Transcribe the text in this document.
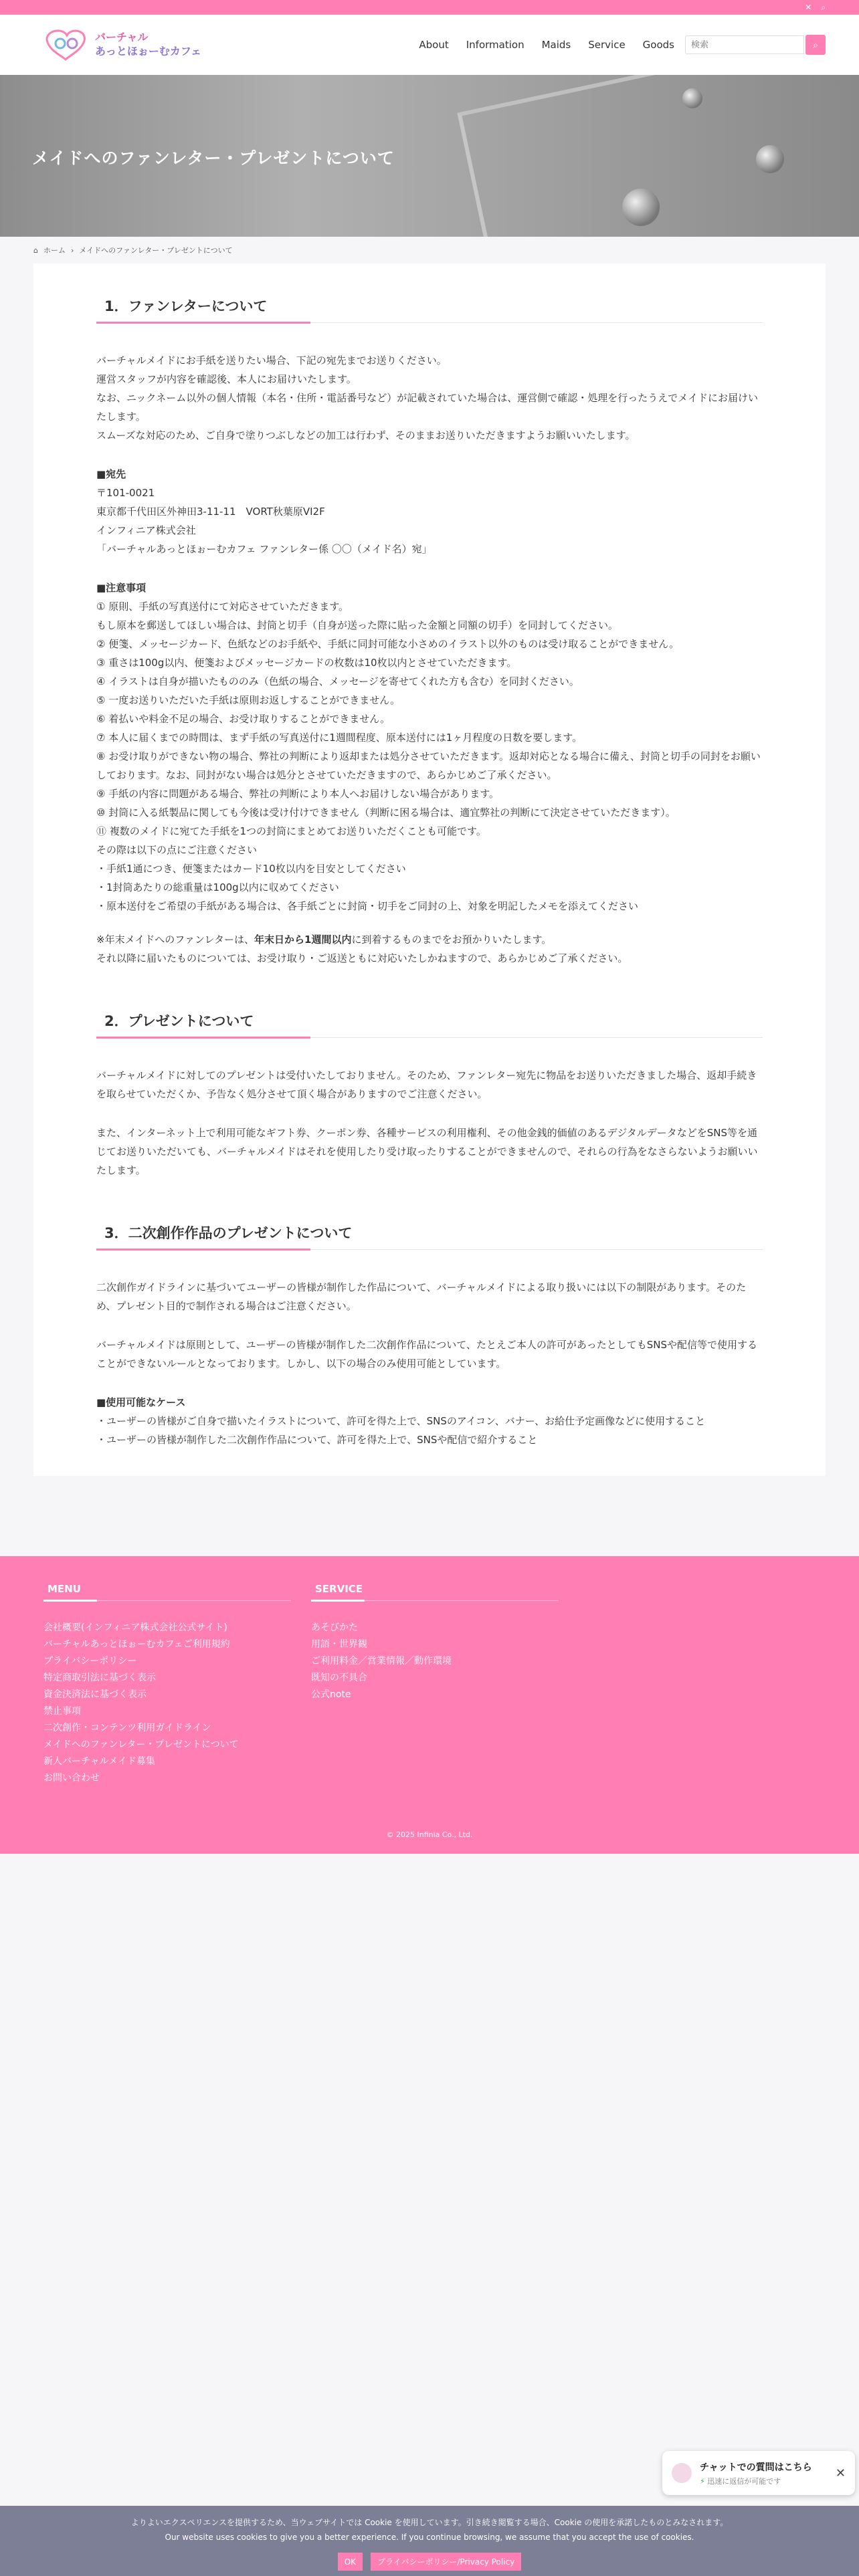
✕ ⌕
バーチャル
あっとほぉーむカフェ	About Information Maids Service Goods
検索	⌕
メイドへのファンレター・プレゼントについて
⌂ ホーム › メイドへのファンレター・プレゼントについて
1．ファンレターについて

バーチャルメイドにお手紙を送りたい場合、下記の宛先までお送りください。

運営スタッフが内容を確認後、本人にお届けいたします。

なお、ニックネーム以外の個人情報（本名・住所・電話番号など）が記載されていた場合は、運営側で確認・処理を行ったうえでメイドにお届けいたします。

スムーズな対応のため、ご自身で塗りつぶしなどの加工は行わず、そのままお送りいただきますようお願いいたします。

■宛先

〒101-0021

東京都千代田区外神田3-11-11　VORT秋葉原VI2F

インフィニア株式会社

「バーチャルあっとほぉーむカフェ ファンレター係 〇〇（メイド名）宛」

■注意事項

① 原則、手紙の写真送付にて対応させていただきます。

もし原本を郵送してほしい場合は、封筒と切手（自身が送った際に貼った金額と同額の切手）を同封してください。

② 便箋、メッセージカード、色紙などのお手紙や、手紙に同封可能な小さめのイラスト以外のものは受け取ることができません。

③ 重さは100g以内、便箋およびメッセージカードの枚数は10枚以内とさせていただきます。

④ イラストは自身が描いたもののみ（色紙の場合、メッセージを寄せてくれた方も含む）を同封ください。

⑤ 一度お送りいただいた手紙は原則お返しすることができません。

⑥ 着払いや料金不足の場合、お受け取りすることができません。

⑦ 本人に届くまでの時間は、まず手紙の写真送付に1週間程度、原本送付には1ヶ月程度の日数を要します。

⑧ お受け取りができない物の場合、弊社の判断により返却または処分させていただきます。返却対応となる場合に備え、封筒と切手の同封をお願いしております。なお、同封がない場合は処分とさせていただきますので、あらかじめご了承ください。

⑨ 手紙の内容に問題がある場合、弊社の判断により本人へお届けしない場合があります。

⑩ 封筒に入る紙製品に関しても今後は受け付けできません（判断に困る場合は、適宜弊社の判断にて決定させていただきます）。

⑪ 複数のメイドに宛てた手紙を1つの封筒にまとめてお送りいただくことも可能です。

その際は以下の点にご注意ください

・手紙1通につき、便箋またはカード10枚以内を目安としてください

・1封筒あたりの総重量は100g以内に収めてください

・原本送付をご希望の手紙がある場合は、各手紙ごとに封筒・切手をご同封の上、対象を明記したメモを添えてください

※年末メイドへのファンレターは、年末日から1週間以内に到着するものまでをお預かりいたします。

それ以降に届いたものについては、お受け取り・ご返送ともに対応いたしかねますので、あらかじめご了承ください。

2．プレゼントについて

バーチャルメイドに対してのプレゼントは受付いたしておりません。そのため、ファンレター宛先に物品をお送りいただきました場合、返却手続きを取らせていただくか、予告なく処分させて頂く場合がありますのでご注意ください。

また、インターネット上で利用可能なギフト券、クーポン券、各種サービスの利用権利、その他金銭的価値のあるデジタルデータなどをSNS等を通じてお送りいただいても、バーチャルメイドはそれを使用したり受け取ったりすることができませんので、それらの行為をなさらないようお願いいたします。

3．二次創作作品のプレゼントについて

二次創作ガイドラインに基づいてユーザーの皆様が制作した作品について、バーチャルメイドによる取り扱いには以下の制限があります。そのため、プレゼント目的で制作される場合はご注意ください。

バーチャルメイドは原則として、ユーザーの皆様が制作した二次創作作品について、たとえご本人の許可があったとしてもSNSや配信等で使用することができないルールとなっております。しかし、以下の場合のみ使用可能としています。

■使用可能なケース

・ユーザーの皆様がご自身で描いたイラストについて、許可を得た上で、SNSのアイコン、バナー、お給仕予定画像などに使用すること

・ユーザーの皆様が制作した二次創作作品について、許可を得た上で、SNSや配信で紹介すること

MENU
会社概要(インフィニア株式会社公式サイト)
バーチャルあっとほぉーむカフェご利用規約
プライバシーポリシー
特定商取引法に基づく表示
資金決済法に基づく表示
禁止事項
二次創作・コンテンツ利用ガイドライン
メイドへのファンレター・プレゼントについて
新人バーチャルメイド募集
お問い合わせ
SERVICE
あそびかた
用語・世界観
ご利用料金／営業情報／動作環境
既知の不具合
公式note
© 2025 Infinia Co., Ltd.
チャットでの質問はこちら
⚡ 迅速に返信が可能です
✕
よりよいエクスペリエンスを提供するため、当ウェブサイトでは Cookie を使用しています。引き続き閲覧する場合、Cookie の使用を承諾したものとみなされます。
Our website uses cookies to give you a better experience. If you continue browsing, we assume that you accept the use of cookies.
OK	プライバシーポリシー/Privacy Policy
